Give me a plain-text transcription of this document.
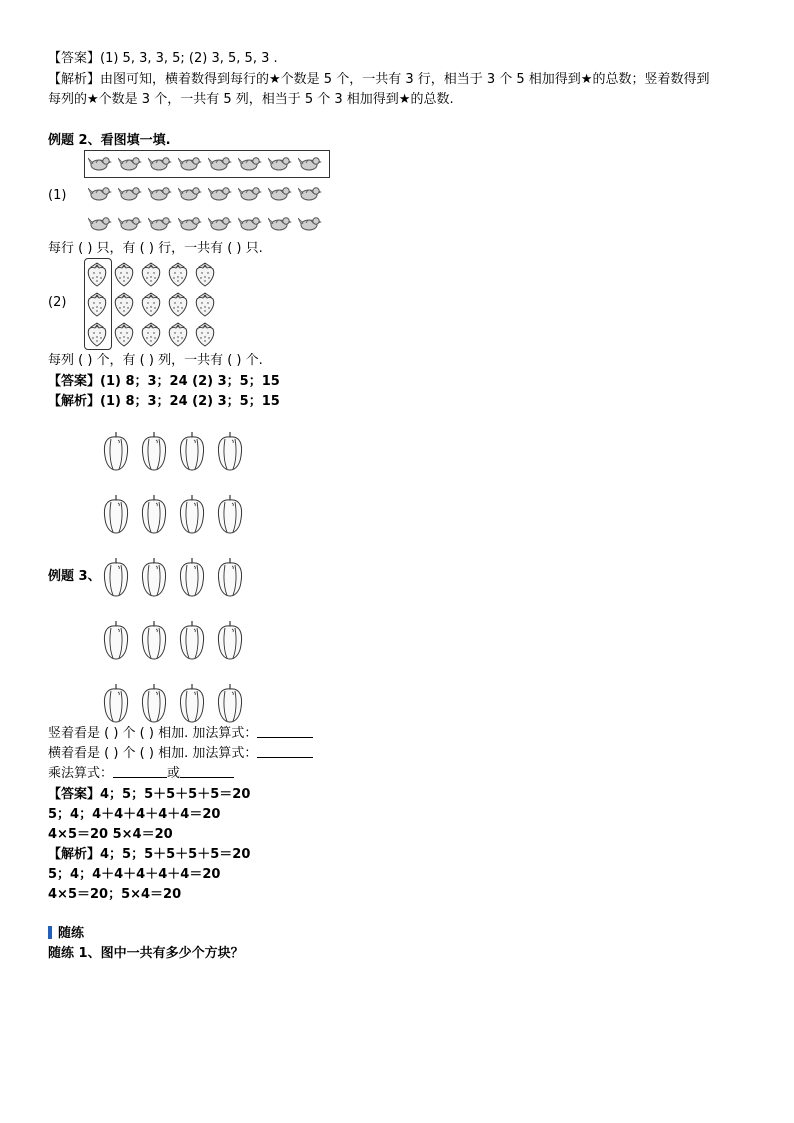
【答案】(1) 5, 3, 3, 5; (2) 3, 5, 5, 3 .
【解析】由图可知，横着数得到每行的★个数是 5 个，一共有 3 行，相当于 3 个 5 相加得到★的总数；竖着数得到
每列的★个数是 3 个，一共有 5 列，相当于 5 个 3 相加得到★的总数.
例题 2、看图填一填.
(1)
每行 ( ) 只，有 ( ) 行，一共有 ( ) 只.
(2)
每列 ( ) 个，有 ( ) 列，一共有 ( ) 个.
【答案】(1) 8；3；24 (2) 3；5；15
【解析】(1) 8；3；24 (2) 3；5；15
例题 3、
竖着看是 ( ) 个 ( ) 相加. 加法算式：
横着看是 ( ) 个 ( ) 相加. 加法算式：
乘法算式：	或
【答案】4；5；5＋5＋5＋5＝20
5；4；4＋4＋4＋4＋4＝20
4×5＝20 5×4＝20
【解析】4；5；5＋5＋5＋5＝20
5；4；4＋4＋4＋4＋4＝20
4×5＝20；5×4＝20
随练
随练 1、图中一共有多少个方块？
